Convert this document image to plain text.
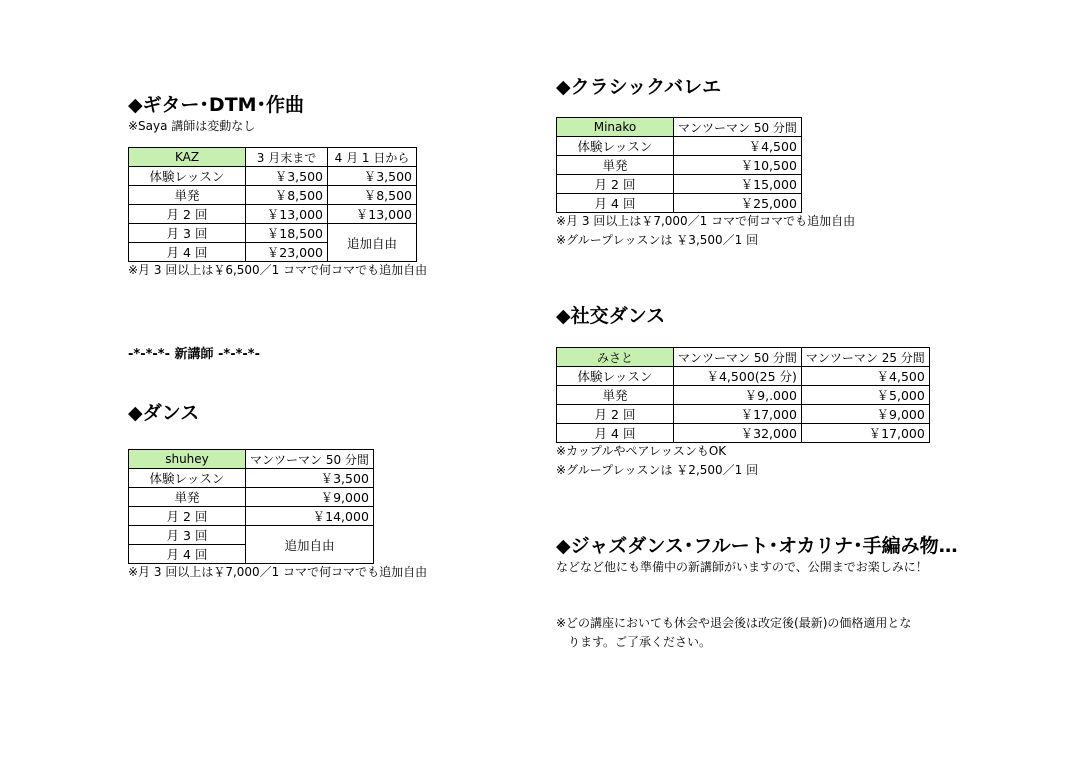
◆ギター･DTM･作曲
※Saya 講師は変動なし
KAZ	3 月末まで	4 月 1 日から
体験レッスン	￥3,500	￥3,500
単発	￥8,500	￥8,500
月 2 回	￥13,000	￥13,000
月 3 回	￥18,500	追加自由
月 4 回	￥23,000	
※月 3 回以上は￥6,500／1 コマで何コマでも追加自由
-*-*-*- 新講師 -*-*-*-
◆ダンス
shuhey	マンツーマン 50 分間
体験レッスン	￥3,500
単発	￥9,000
月 2 回	￥14,000
月 3 回	追加自由
月 4 回	
※月 3 回以上は￥7,000／1 コマで何コマでも追加自由
◆クラシックバレエ
Minako	マンツーマン 50 分間
体験レッスン	￥4,500
単発	￥10,500
月 2 回	￥15,000
月 4 回	￥25,000
※月 3 回以上は￥7,000／1 コマで何コマでも追加自由
※グループレッスンは ￥3,500／1 回
◆社交ダンス
みさと	マンツーマン 50 分間	マンツーマン 25 分間
体験レッスン	￥4,500(25 分)	￥4,500
単発	￥9,.000	￥5,000
月 2 回	￥17,000	￥9,000
月 4 回	￥32,000	￥17,000
※カップルやペアレッスンもOK
※グループレッスンは ￥2,500／1 回
◆ジャズダンス･フルート･オカリナ･手編み物…
などなど他にも準備中の新講師がいますので、公開までお楽しみに！
※どの講座においても休会や退会後は改定後(最新)の価格適用とな
ります。ご了承ください。
